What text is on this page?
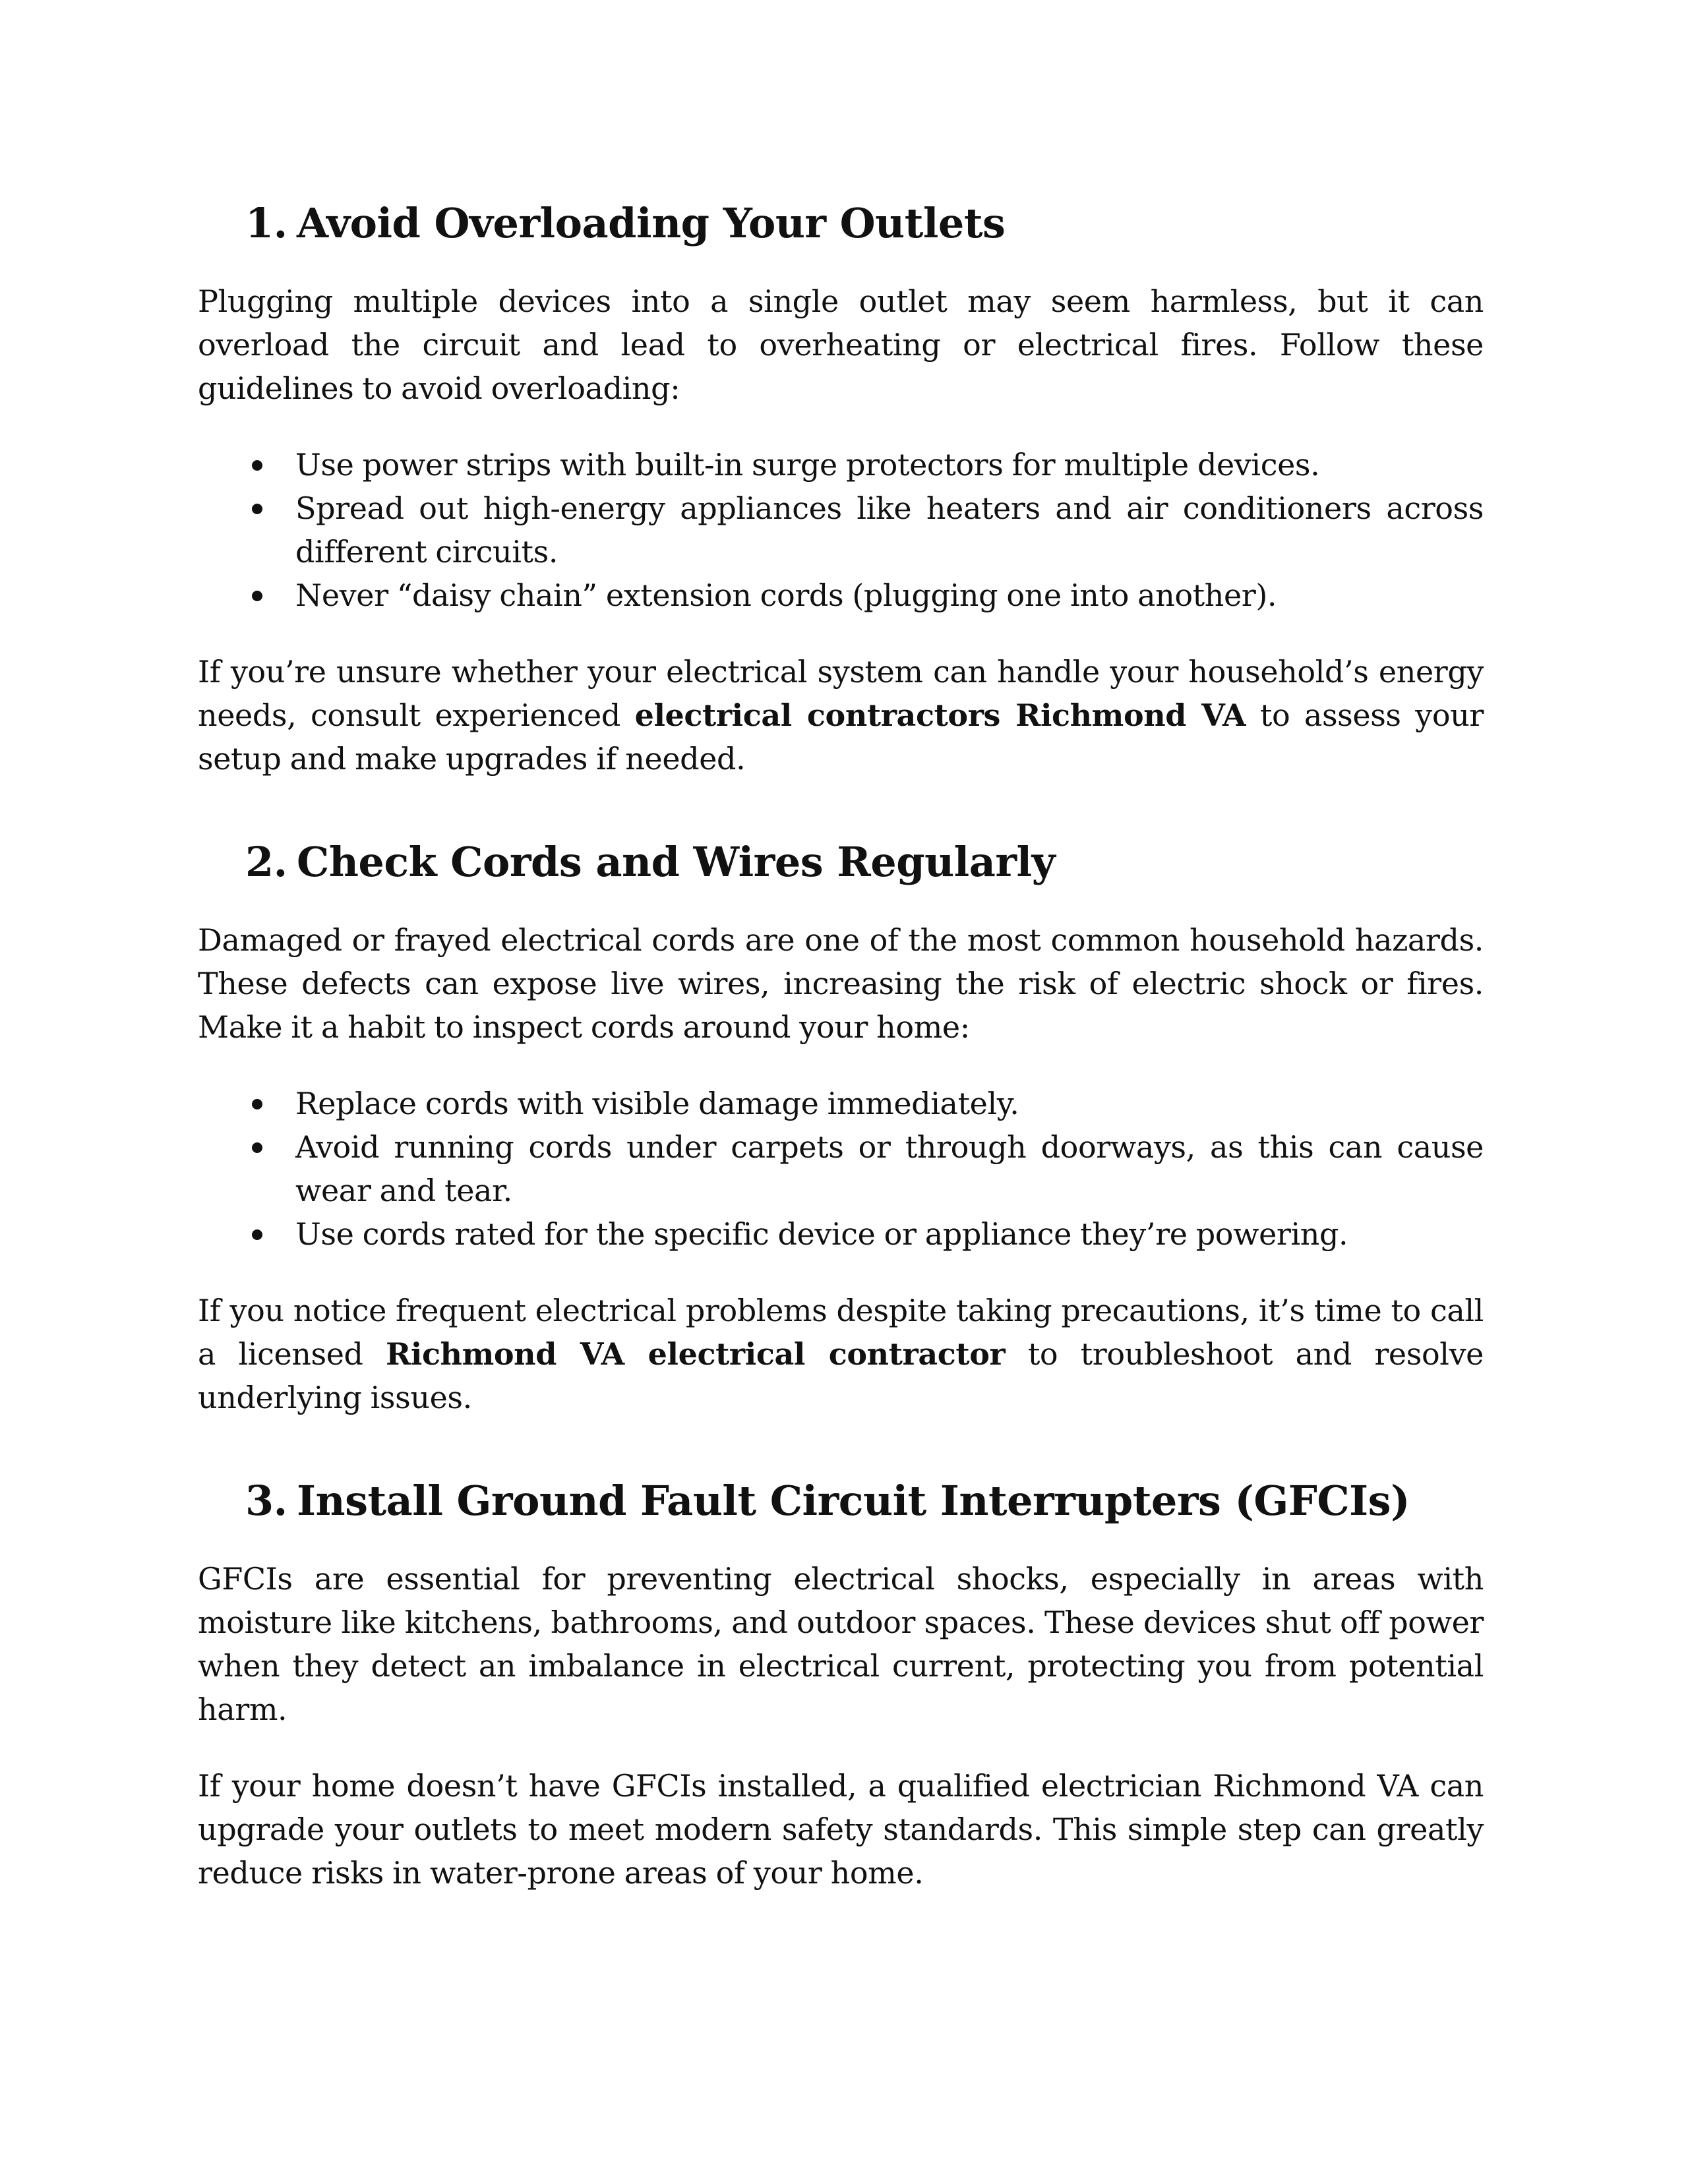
1. Avoid Overloading Your Outlets

Plugging multiple devices into a single outlet may seem harmless, but it can overload the circuit and lead to overheating or electrical fires. Follow these guidelines to avoid overloading:

Use power strips with built-in surge protectors for multiple devices.
Spread out high-energy appliances like heaters and air conditioners across different circuits.
Never “daisy chain” extension cords (plugging one into another).

If you’re unsure whether your electrical system can handle your household’s energy needs, consult experienced electrical contractors Richmond VA to assess your setup and make upgrades if needed.

2. Check Cords and Wires Regularly

Damaged or frayed electrical cords are one of the most common household hazards. These defects can expose live wires, increasing the risk of electric shock or fires. Make it a habit to inspect cords around your home:

Replace cords with visible damage immediately.
Avoid running cords under carpets or through doorways, as this can cause wear and tear.
Use cords rated for the specific device or appliance they’re powering.

If you notice frequent electrical problems despite taking precautions, it’s time to call a licensed Richmond VA electrical contractor to troubleshoot and resolve underlying issues.

3. Install Ground Fault Circuit Interrupters (GFCIs)

GFCIs are essential for preventing electrical shocks, especially in areas with moisture like kitchens, bathrooms, and outdoor spaces. These devices shut off power when they detect an imbalance in electrical current, protecting you from potential harm.

If your home doesn’t have GFCIs installed, a qualified electrician Richmond VA can upgrade your outlets to meet modern safety standards. This simple step can greatly reduce risks in water-prone areas of your home.
